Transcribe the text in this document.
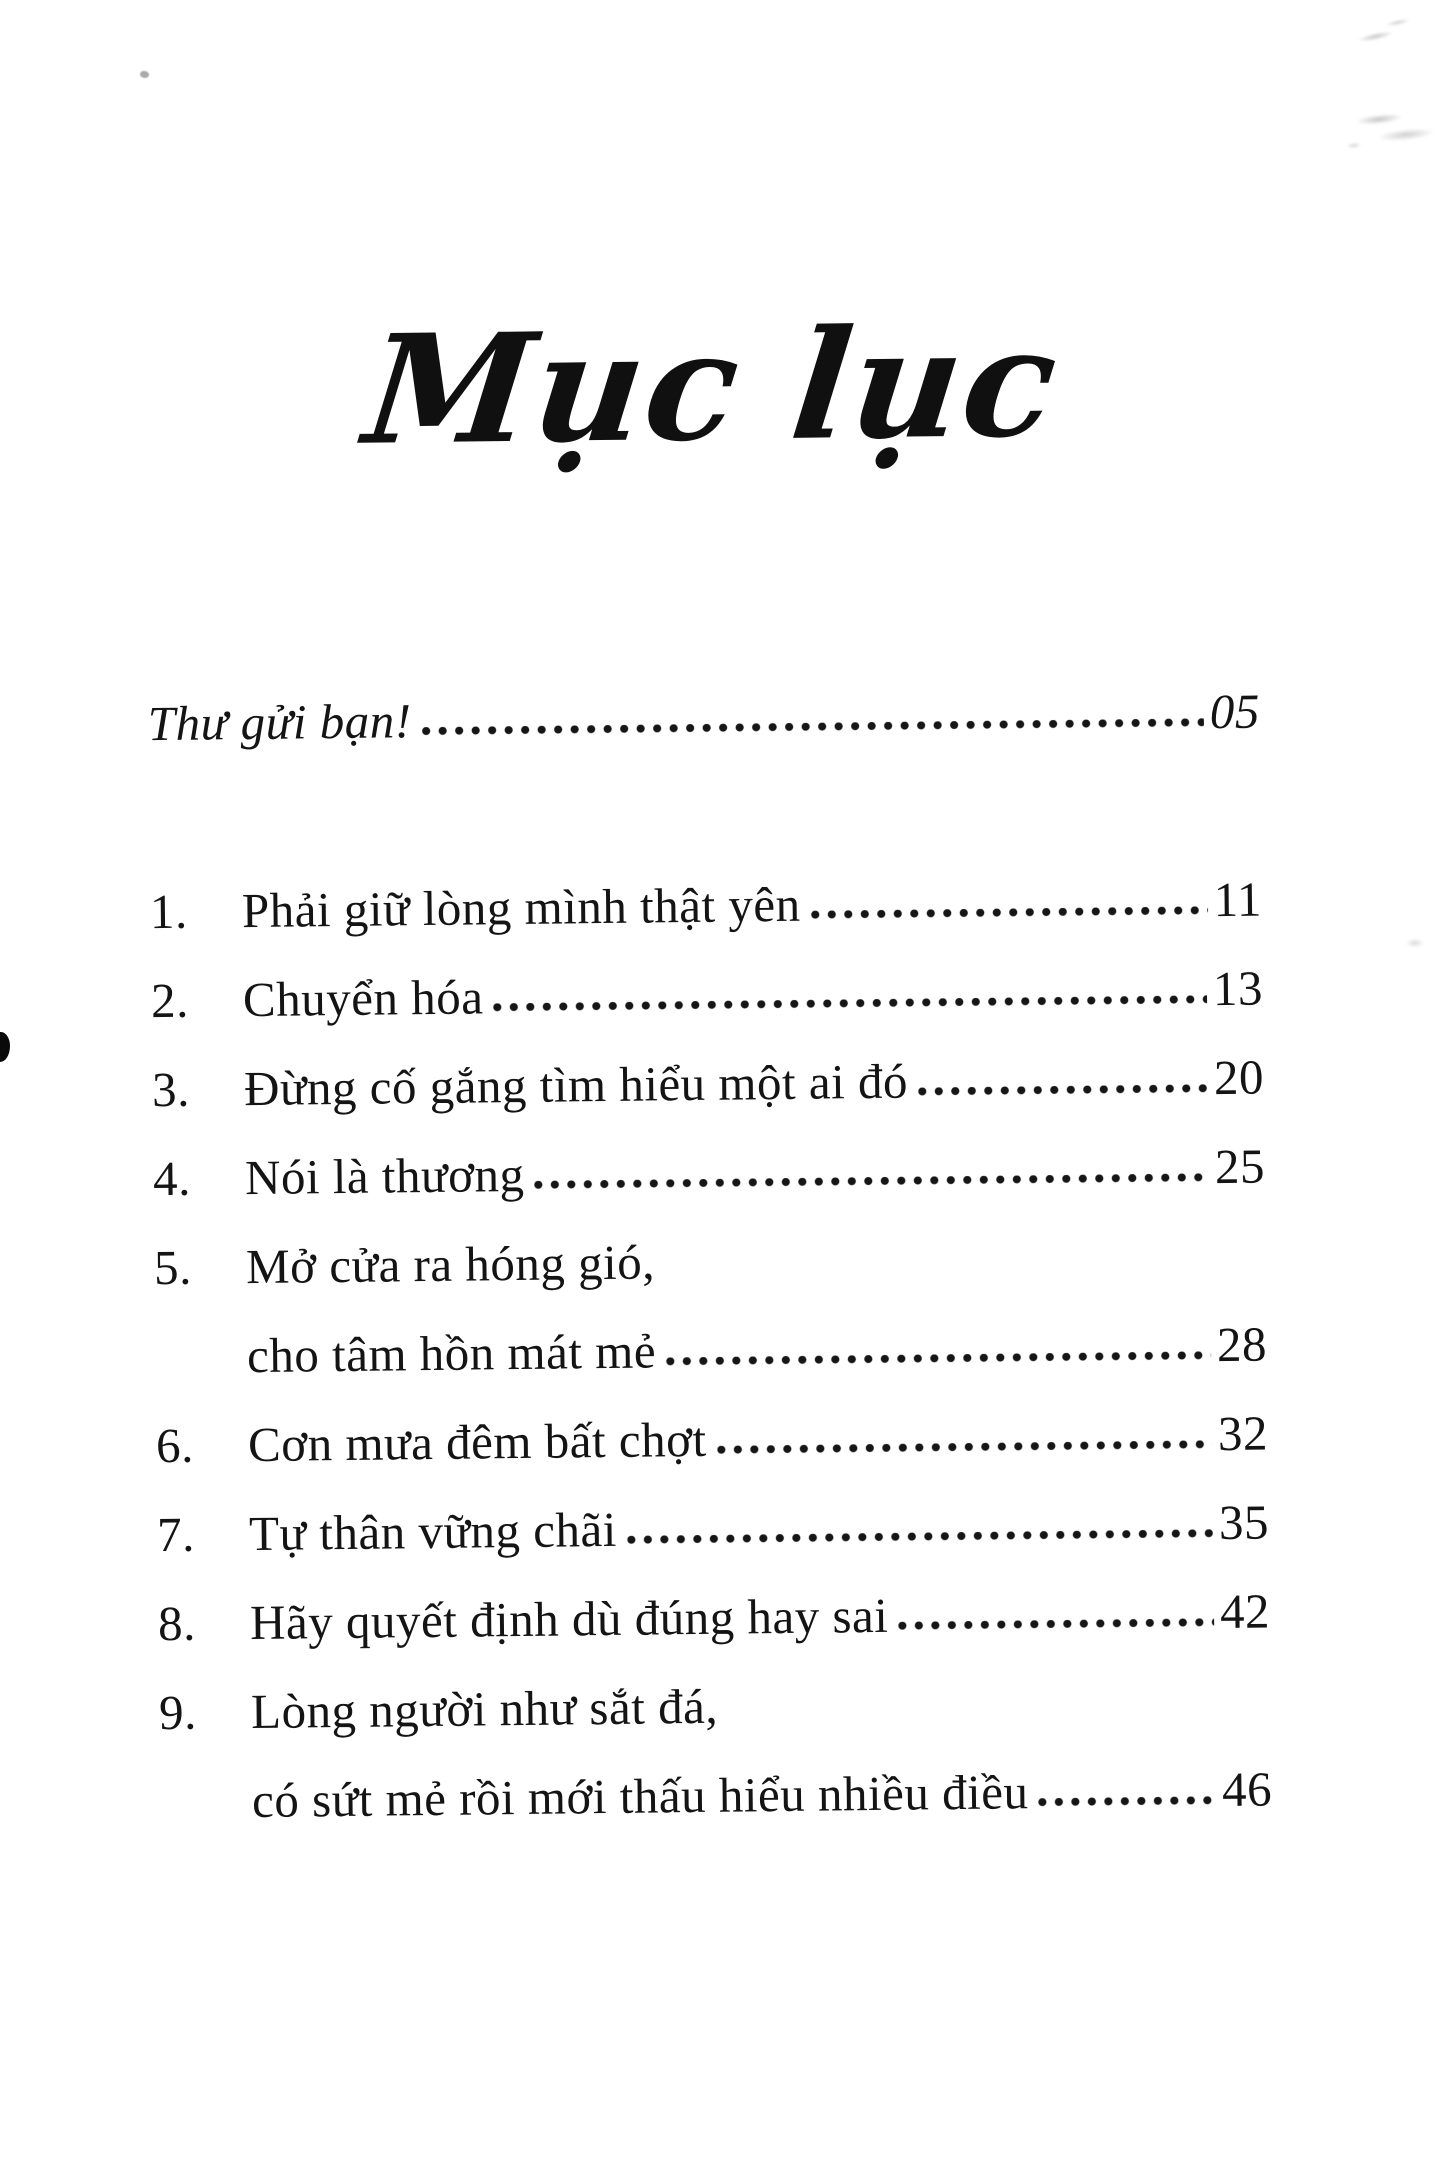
Mục lục
Thư gửi bạn!	05
1.	Phải giữ lòng mình thật yên	11
2.	Chuyển hóa	13
3.	Đừng cố gắng tìm hiểu một ai đó	20
4.	Nói là thương	25
5.	Mở cửa ra hóng gió,
cho tâm hồn mát mẻ	28
6.	Cơn mưa đêm bất chợt	32
7.	Tự thân vững chãi	35
8.	Hãy quyết định dù đúng hay sai	42
9.	Lòng người như sắt đá,
có sứt mẻ rồi mới thấu hiểu nhiều điều	46
